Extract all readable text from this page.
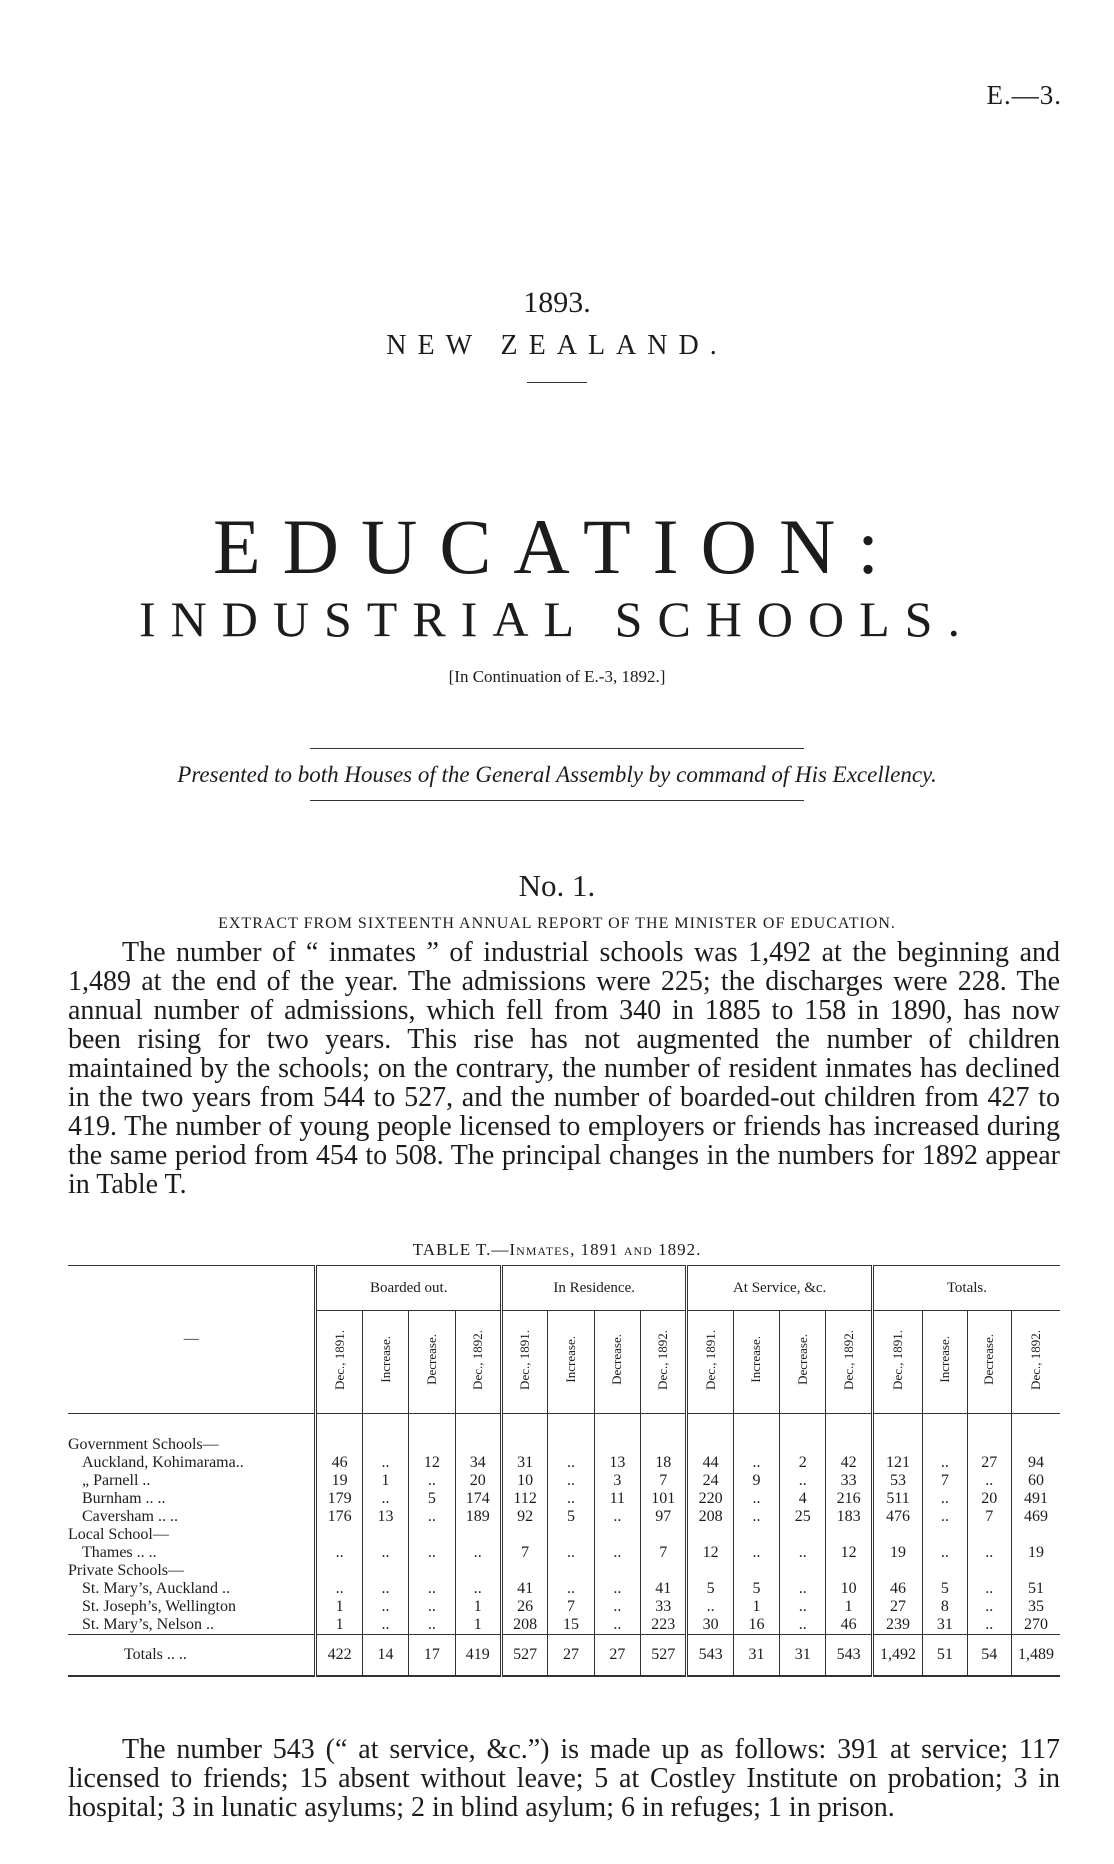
E.—3.
1893.
NEW ZEALAND.
EDUCATION:
INDUSTRIAL SCHOOLS.
[In Continuation of E.-3, 1892.]
Presented to both Houses of the General Assembly by command of His Excellency.
No. 1.
EXTRACT FROM SIXTEENTH ANNUAL REPORT OF THE MINISTER OF EDUCATION.

The number of “ inmates ” of industrial schools was 1,492 at the beginning and 1,489 at the end of the year. The admissions were 225; the discharges were 228. The annual number of admissions, which fell from 340 in 1885 to 158 in 1890, has now been rising for two years. This rise has not augmented the number of children maintained by the schools; on the contrary, the number of resident inmates has declined in the two years from 544 to 527, and the number of boarded-out children from 427 to 419. The number of young people licensed to employers or friends has increased during the same period from 454 to 508. The principal changes in the numbers for 1892 appear in Table T.

TABLE T.—Inmates, 1891 and 1892.
—	Boarded out.				In Residence.				At Service, &c.				Totals.			
	Dec., 1891.	Increase.	Decrease.	Dec., 1892.	Dec., 1891.	Increase.	Decrease.	Dec., 1892.	Dec., 1891.	Increase.	Decrease.	Dec., 1892.	Dec., 1891.	Increase.	Decrease.	Dec., 1892.
Government Schools—																
Auckland, Kohimarama..	46	..	12	34	31	..	13	18	44	..	2	42	121	..	27	94
„ Parnell ..	19	1	..	20	10	..	3	7	24	9	..	33	53	7	..	60
Burnham .. ..	179	..	5	174	112	..	11	101	220	..	4	216	511	..	20	491
Caversham .. ..	176	13	..	189	92	5	..	97	208	..	25	183	476	..	7	469
Local School—																
Thames .. ..	..	..	..	..	7	..	..	7	12	..	..	12	19	..	..	19
Private Schools—																
St. Mary’s, Auckland ..	..	..	..	..	41	..	..	41	5	5	..	10	46	5	..	51
St. Joseph’s, Wellington	1	..	..	1	26	7	..	33	..	1	..	1	27	8	..	35
St. Mary’s, Nelson ..	1	..	..	1	208	15	..	223	30	16	..	46	239	31	..	270
Totals .. ..	422	14	17	419	527	27	27	527	543	31	31	543	1,492	51	54	1,489

The number 543 (“ at service, &c.”) is made up as follows: 391 at service; 117 licensed to friends; 15 absent without leave; 5 at Costley Institute on probation; 3 in hospital; 3 in lunatic asylums; 2 in blind asylum; 6 in refuges; 1 in prison.
